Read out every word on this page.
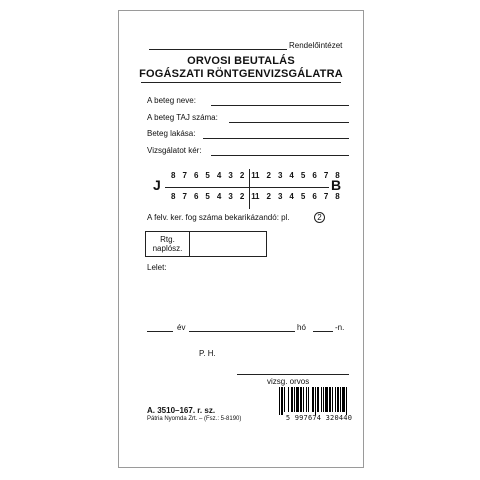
Rendelőintézet
ORVOSI BEUTALÁS
FOGÁSZATI RÖNTGENVIZSGÁLATRA
A beteg neve:
A beteg TAJ száma:
Beteg lakása:
Vizsgálatot kér:
J	B
8 7 6 5 4 3 2 1
1 2 3 4 5 6 7 8
8 7 6 5 4 3 2 1
1 2 3 4 5 6 7 8
A felv. ker. fog száma bekarikázandó: pl.	2
Rtg.
naplósz.
Lelet:
év	hó	-n.
P. H.
vizsg. orvos
A. 3510–167. r. sz.
Pátria Nyomda Zrt. – (Fsz.: 5-8190)	5 997674 320440
